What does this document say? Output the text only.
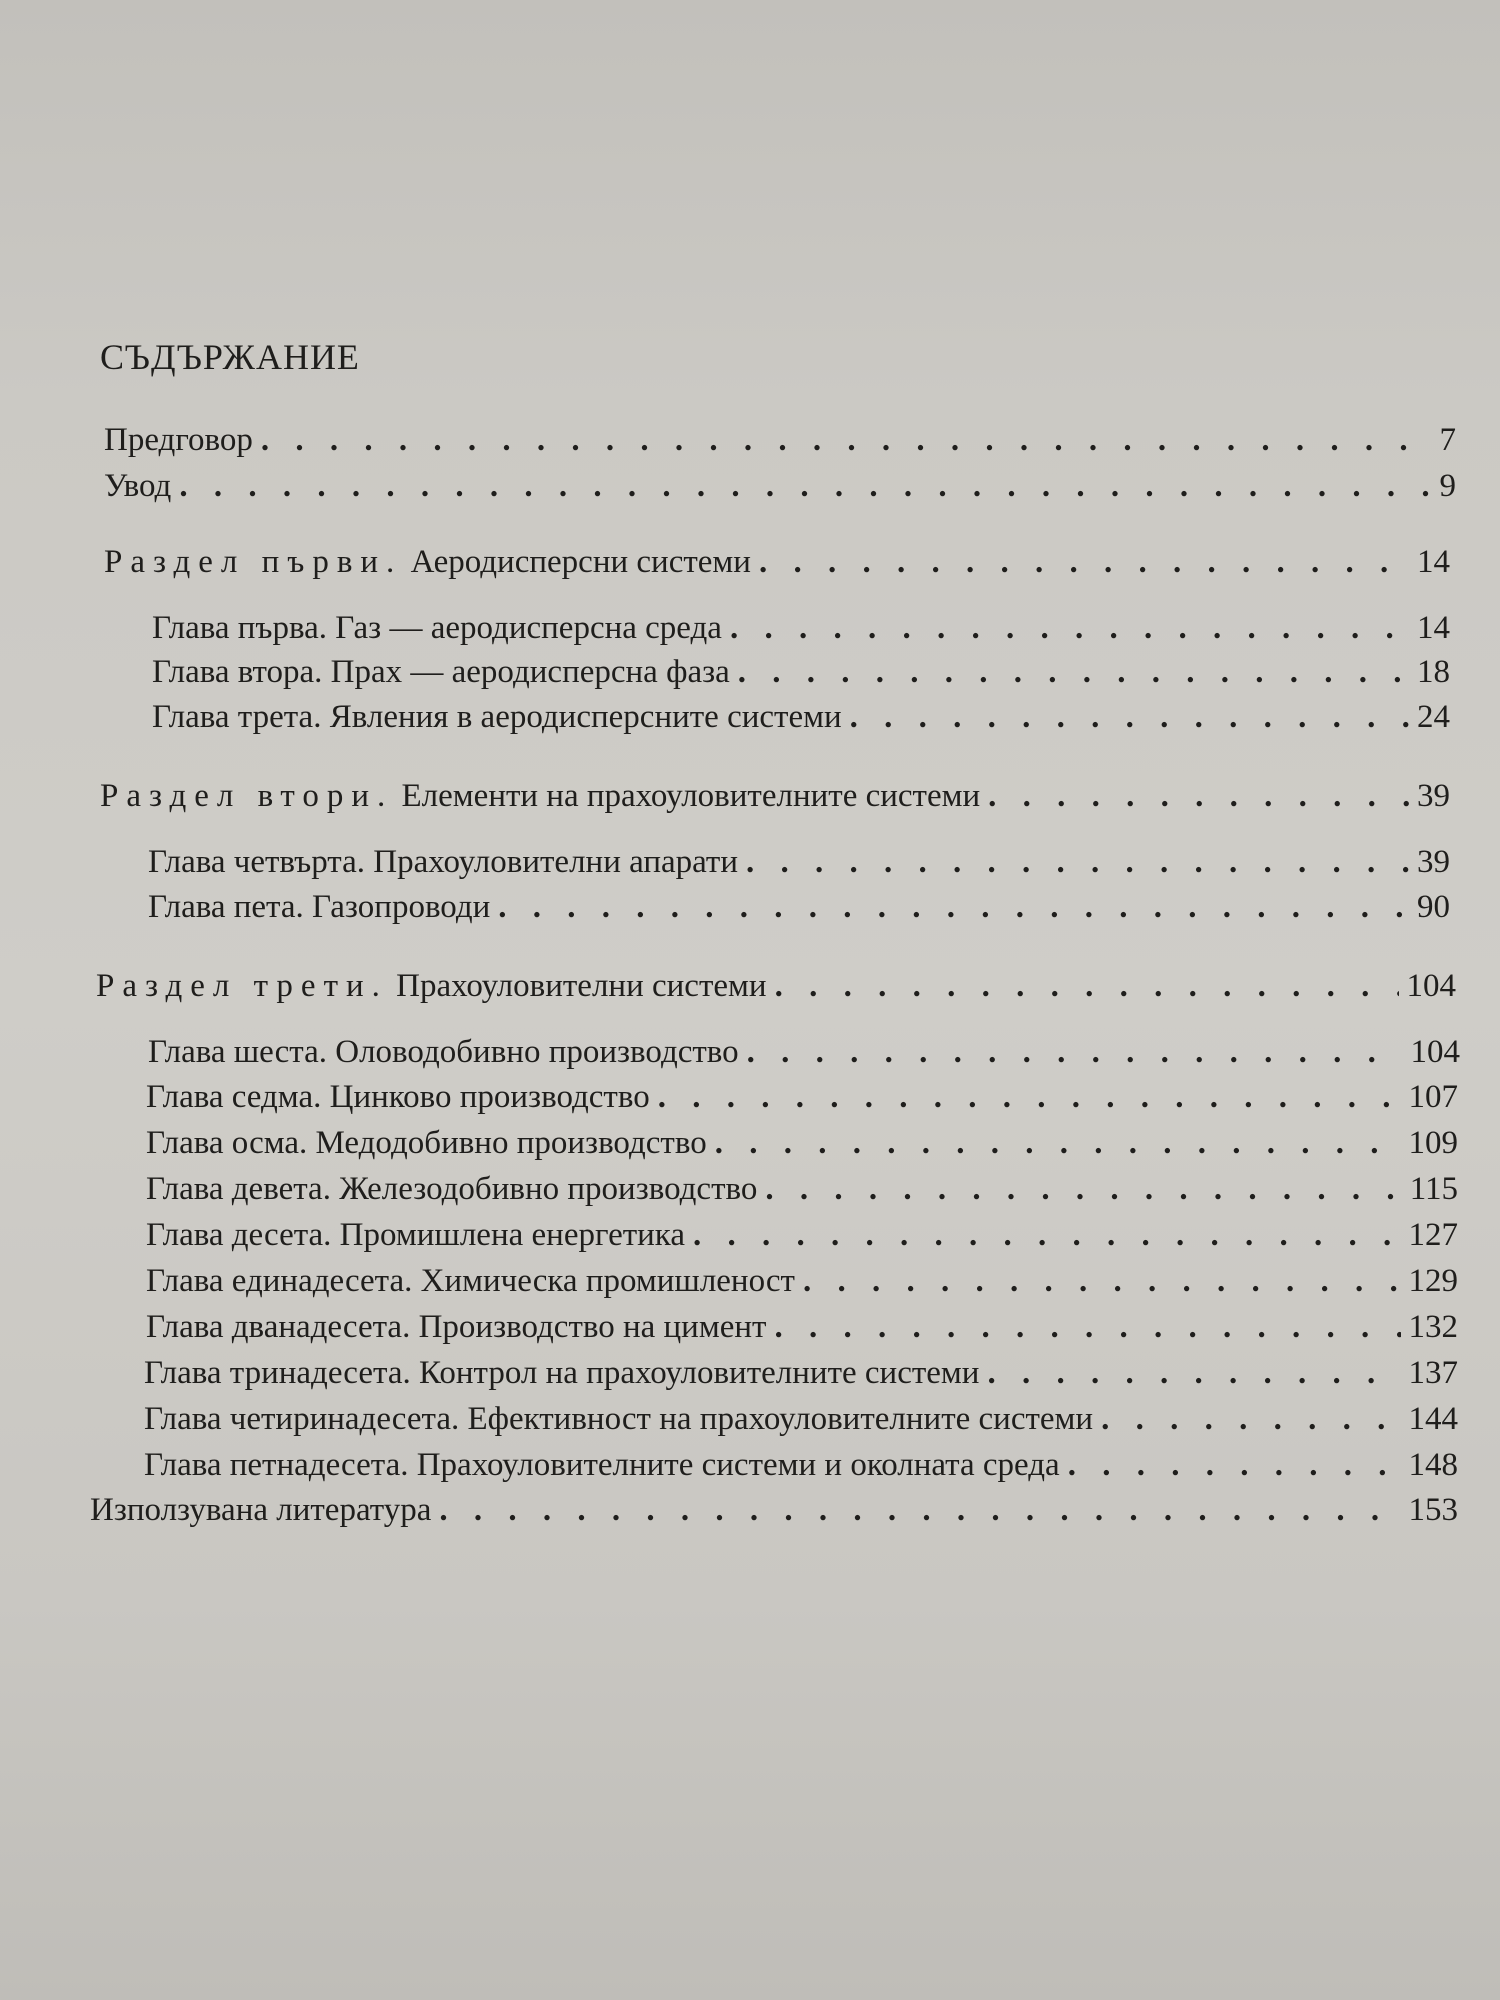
СЪДЪРЖАНИЕ
Предговор . . .	7
Увод . . .	9
Раздел първи. Аеродисперсни системи . . .	14
Глава първа. Газ — аеродисперсна среда . . .	14
Глава втора. Прах — аеродисперсна фаза . . .	18
Глава трета. Явления в аеродисперсните системи . . .	24
Раздел втори. Елементи на прахоуловителните системи . . .	39
Глава четвърта. Прахоуловителни апарати . . .	39
Глава пета. Газопроводи . . .	90
Раздел трети. Прахоуловителни системи . . .	104
Глава шеста. Оловодобивно производство . . .	104
Глава седма. Цинково производство . . .	107
Глава осма. Медодобивно производство . . .	109
Глава девета. Железодобивно производство . . .	115
Глава десета. Промишлена енергетика . . .	127
Глава единадесета. Химическа промишленост . . .	129
Глава дванадесета. Производство на цимент . . .	132
Глава тринадесета. Контрол на прахоуловителните системи . . .	137
Глава четиринадесета. Ефективност на прахоуловителните системи . . .	144
Глава петнадесета. Прахоуловителните системи и околната среда . . .	148
Използувана литература . . .	153
